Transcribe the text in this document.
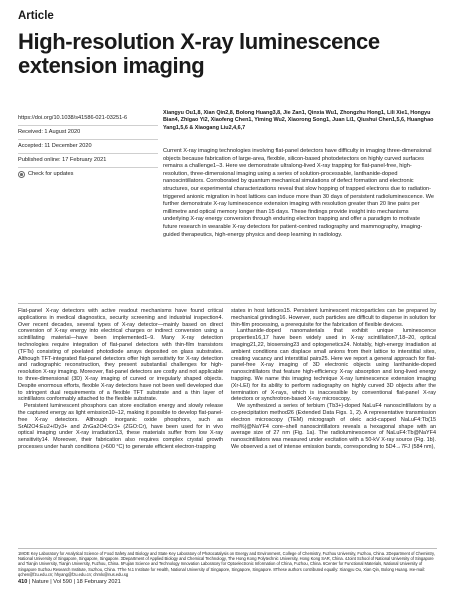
Article
High-resolution X-ray luminescence extension imaging
https://doi.org/10.1038/s41586-021-03251-6
Received: 1 August 2020
Accepted: 11 December 2020
Published online: 17 February 2021
Check for updates
Xiangyu Ou1,8, Xian Qin2,8, Bolong Huang3,8, Jie Zan1, Qinxia Wu1, Zhongzhu Hong1, Lili Xie1, Hongyu Bian4, Zhigao Yi2, Xiaofeng Chen1, Yiming Wu2, Xiaorong Song1, Juan Li1, Qiushui Chen1,5,6, Huanghao Yang1,5,6 & Xiaogang Liu2,4,6,7
Current X-ray imaging technologies involving flat-panel detectors have difficulty in imaging three-dimensional objects because fabrication of large-area, flexible, silicon-based photodetectors on highly curved surfaces remains a challenge1–3. Here we demonstrate ultralong-lived X-ray trapping for flat-panel-free, high-resolution, three-dimensional imaging using a series of solution-processable, lanthanide-doped nanoscintillators. Corroborated by quantum mechanical simulations of defect formation and electronic structures, our experimental characterizations reveal that slow hopping of trapped electrons due to radiation-triggered anionic migration in host lattices can induce more than 30 days of persistent radioluminescence. We further demonstrate X-ray luminescence extension imaging with resolution greater than 20 line pairs per millimetre and optical memory longer than 15 days. These findings provide insight into mechanisms underlying X-ray energy conversion through enduring electron trapping and offer a paradigm to motivate future research in wearable X-ray detectors for patient-centred radiography and mammography, imaging-guided therapeutics, high-energy physics and deep learning in radiology.

Flat-panel X-ray detectors with active readout mechanisms have found critical applications in medical diagnostics, security screening and industrial inspection4. Over recent decades, several types of X-ray detector—mainly based on direct conversion of X-ray energy into electrical charges or indirect conversion using a scintillating material—have been implemented1–9. Many X-ray detection technologies require integration of flat-panel detectors with thin-film transistors (TFTs) consisting of pixelated photodiode arrays deposited on glass substrates. Although TFT-integrated flat-panel detectors offer high sensitivity for X-ray detection and radiographic reconstruction, they present substantial challenges for high-resolution X-ray imaging. Moreover, flat-panel detectors are costly and not applicable to three-dimensional (3D) X-ray imaging of curved or irregularly shaped objects. Despite enormous efforts, flexible X-ray detectors have not been well developed due to stringent dual requirements of a flexible TFT substrate and a thin layer of scintillators conformably attached to the flexible substrate.

Persistent luminescent phosphors can store excitation energy and slowly release the captured energy as light emission10–12, making it possible to develop flat-panel-free X-ray detectors. Although inorganic oxide phosphors, such as SrAl2O4:Eu2+/Dy3+ and ZnGa2O4:Cr3+ (ZGO:Cr), have been used for in vivo optical imaging under X-ray irradiation13, these materials suffer from low X-ray sensitivity14. Moreover, their fabrication also requires complex crystal growth processes under harsh conditions (>600 °C) to generate efficient electron-trapping

states in host lattices15. Persistent luminescent microparticles can be prepared by mechanical grinding16. However, such particles are difficult to disperse in solution for thin-film processing, a prerequisite for the fabrication of flexible devices.

Lanthanide-doped nanomaterials that exhibit unique luminescence properties16,17 have been widely used in X-ray scintillation7,18–20, optical imaging21,22, biosensing23 and optogenetics24. Notably, high-energy irradiation at ambient conditions can displace small anions from their lattice to interstitial sites, creating vacancy and interstitial pairs25. Here we report a general approach for flat-panel-free X-ray imaging of 3D electronic objects using lanthanide-doped nanoscintillators that feature high-efficiency X-ray absorption and long-lived energy trapping. We name this imaging technique X-ray luminescence extension imaging (Xr-LEI) for its ability to perform radiography on highly curved 3D objects after the termination of X-rays, which is inaccessible by conventional flat-panel X-ray detectors or synchrotron-based X-ray microscopy.

We synthesized a series of terbium (Tb3+)-doped NaLuF4 nanoscintillators by a co-precipitation method26 (Extended Data Figs. 1, 2). A representative transmission electron microscopy (TEM) micrograph of oleic acid-capped NaLuF4:Tb(15 mol%)@NaYF4 core–shell nanoscintillators reveals a hexagonal shape with an average size of 27 nm (Fig. 1a). The radioluminescence of NaLuF4:Tb@NaYF4 nanoscintillators was measured under excitation with a 50-kV X-ray source (Fig. 1b). We observed a set of intense emission bands, corresponding to 5D4→7FJ (584 nm),

1MOE Key Laboratory for Analytical Science of Food Safety and Biology and State Key Laboratory of Photocatalysis on Energy and Environment, College of Chemistry, Fuzhou University, Fuzhou, China. 2Department of Chemistry, National University of Singapore, Singapore, Singapore. 3Department of Applied Biology and Chemical Technology, The Hong Kong Polytechnic University, Hong Kong SAR, China. 4Joint School of National University of Singapore and Tianjin University, Tianjin University, Fuzhou, China. 5Fujian Science and Technology Innovation Laboratory for Optoelectronic Information of China, Fuzhou, China. 6Center for Functional Materials, National University of Singapore Suzhou Research Institute, Suzhou, China. 7The N.1 Institute for Health, National University of Singapore, Singapore, Singapore. 8These authors contributed equally: Xiangyu Ou, Xian Qin, Bolong Huang. ✉e-mail: qchen@fzu.edu.cn; hhyang@fzu.edu.cn; chmlx@nus.edu.sg
410 | Nature | Vol 590 | 18 February 2021
